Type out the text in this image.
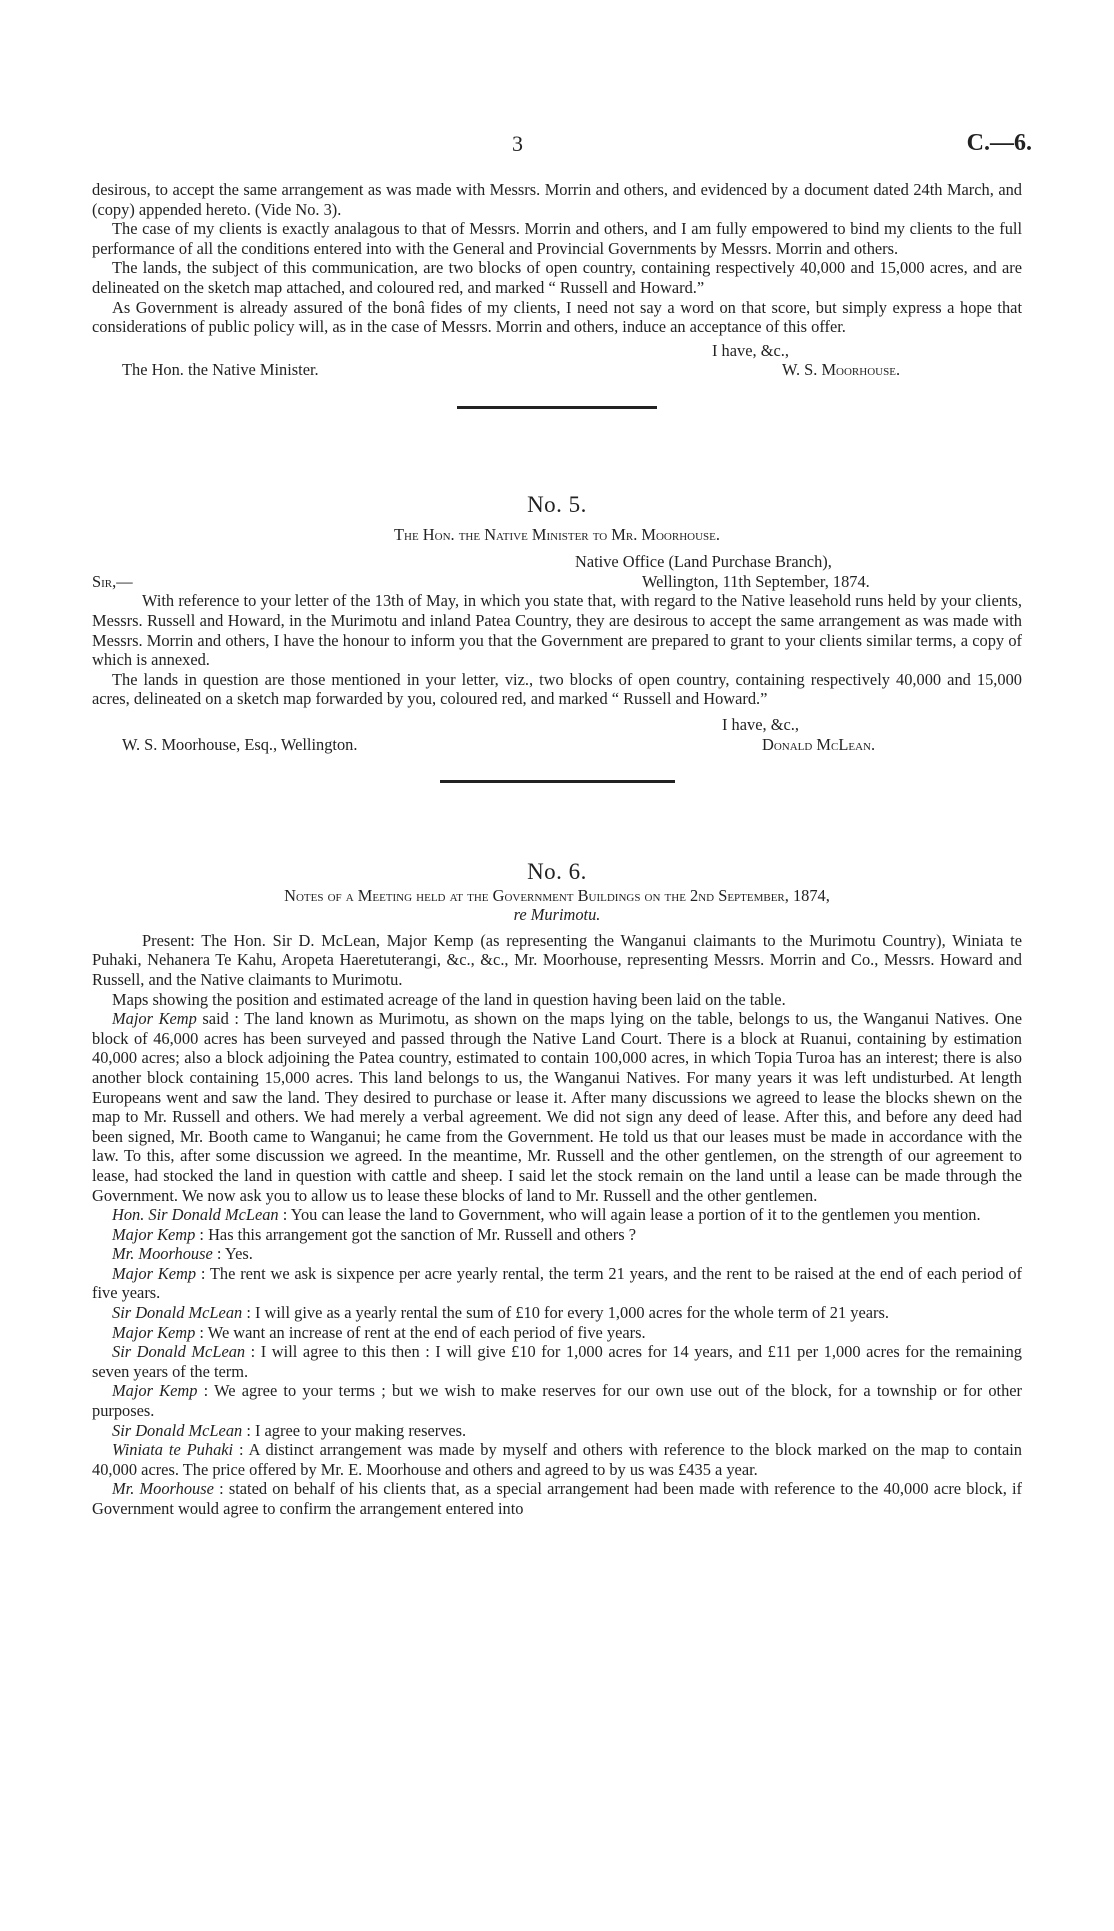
3	C.—6.

desirous, to accept the same arrangement as was made with Messrs. Morrin and others, and evidenced by a document dated 24th March, and (copy) appended hereto. (Vide No. 3).

The case of my clients is exactly analagous to that of Messrs. Morrin and others, and I am fully empowered to bind my clients to the full performance of all the conditions entered into with the General and Provincial Governments by Messrs. Morrin and others.

The lands, the subject of this communication, are two blocks of open country, containing respectively 40,000 and 15,000 acres, and are delineated on the sketch map attached, and coloured red, and marked “ Russell and Howard.”

As Government is already assured of the bonâ fides of my clients, I need not say a word on that score, but simply express a hope that considerations of public policy will, as in the case of Messrs. Morrin and others, induce an acceptance of this offer.

I have, &c.,
The Hon. the Native Minister.	W. S. Moorhouse.
No. 5.

The Hon. the Native Minister to Mr. Moorhouse.

Native Office (Land Purchase Branch),
Sir,—	Wellington, 11th September, 1874.

With reference to your letter of the 13th of May, in which you state that, with regard to the Native leasehold runs held by your clients, Messrs. Russell and Howard, in the Murimotu and inland Patea Country, they are desirous to accept the same arrangement as was made with Messrs. Morrin and others, I have the honour to inform you that the Government are prepared to grant to your clients similar terms, a copy of which is annexed.

The lands in question are those mentioned in your letter, viz., two blocks of open country, containing respectively 40,000 and 15,000 acres, delineated on a sketch map forwarded by you, coloured red, and marked “ Russell and Howard.”

I have, &c.,
W. S. Moorhouse, Esq., Wellington.	Donald McLean.
No. 6.

Notes of a Meeting held at the Government Buildings on the 2nd September, 1874,

re Murimotu.

Present: The Hon. Sir D. McLean, Major Kemp (as representing the Wanganui claimants to the Murimotu Country), Winiata te Puhaki, Nehanera Te Kahu, Aropeta Haeretuterangi, &c., &c., Mr. Moorhouse, representing Messrs. Morrin and Co., Messrs. Howard and Russell, and the Native claimants to Murimotu.

Maps showing the position and estimated acreage of the land in question having been laid on the table.

Major Kemp said : The land known as Murimotu, as shown on the maps lying on the table, belongs to us, the Wanganui Natives. One block of 46,000 acres has been surveyed and passed through the Native Land Court. There is a block at Ruanui, containing by estimation 40,000 acres; also a block adjoining the Patea country, estimated to contain 100,000 acres, in which Topia Turoa has an interest; there is also another block containing 15,000 acres. This land belongs to us, the Wanganui Natives. For many years it was left undisturbed. At length Europeans went and saw the land. They desired to purchase or lease it. After many discussions we agreed to lease the blocks shewn on the map to Mr. Russell and others. We had merely a verbal agreement. We did not sign any deed of lease. After this, and before any deed had been signed, Mr. Booth came to Wanganui; he came from the Government. He told us that our leases must be made in accordance with the law. To this, after some discussion we agreed. In the meantime, Mr. Russell and the other gentlemen, on the strength of our agreement to lease, had stocked the land in question with cattle and sheep. I said let the stock remain on the land until a lease can be made through the Government. We now ask you to allow us to lease these blocks of land to Mr. Russell and the other gentlemen.

Hon. Sir Donald McLean : You can lease the land to Government, who will again lease a portion of it to the gentlemen you mention.

Major Kemp : Has this arrangement got the sanction of Mr. Russell and others ?

Mr. Moorhouse : Yes.

Major Kemp : The rent we ask is sixpence per acre yearly rental, the term 21 years, and the rent to be raised at the end of each period of five years.

Sir Donald McLean : I will give as a yearly rental the sum of £10 for every 1,000 acres for the whole term of 21 years.

Major Kemp : We want an increase of rent at the end of each period of five years.

Sir Donald McLean : I will agree to this then : I will give £10 for 1,000 acres for 14 years, and £11 per 1,000 acres for the remaining seven years of the term.

Major Kemp : We agree to your terms ; but we wish to make reserves for our own use out of the block, for a township or for other purposes.

Sir Donald McLean : I agree to your making reserves.

Winiata te Puhaki : A distinct arrangement was made by myself and others with reference to the block marked on the map to contain 40,000 acres. The price offered by Mr. E. Moorhouse and others and agreed to by us was £435 a year.

Mr. Moorhouse : stated on behalf of his clients that, as a special arrangement had been made with reference to the 40,000 acre block, if Government would agree to confirm the arrangement entered into
